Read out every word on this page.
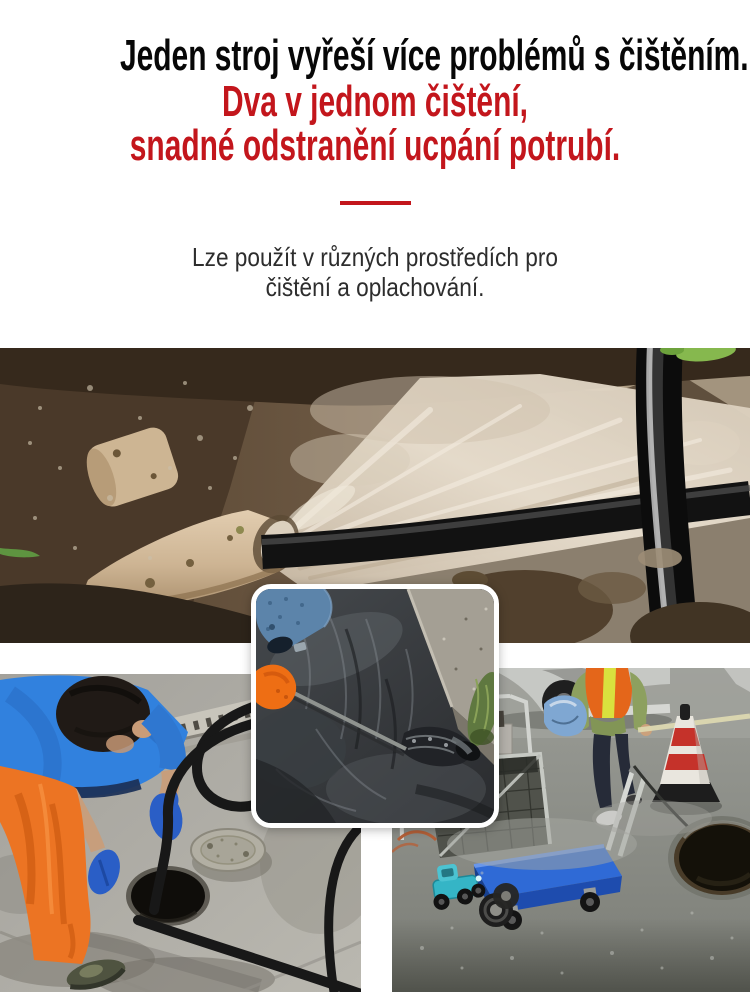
Jeden stroj vyřeší více problémů s čištěním.
Dva v jednom čištění,
snadné odstranění ucpání potrubí.
Lze použít v různých prostředích pro
čištění a oplachování.
